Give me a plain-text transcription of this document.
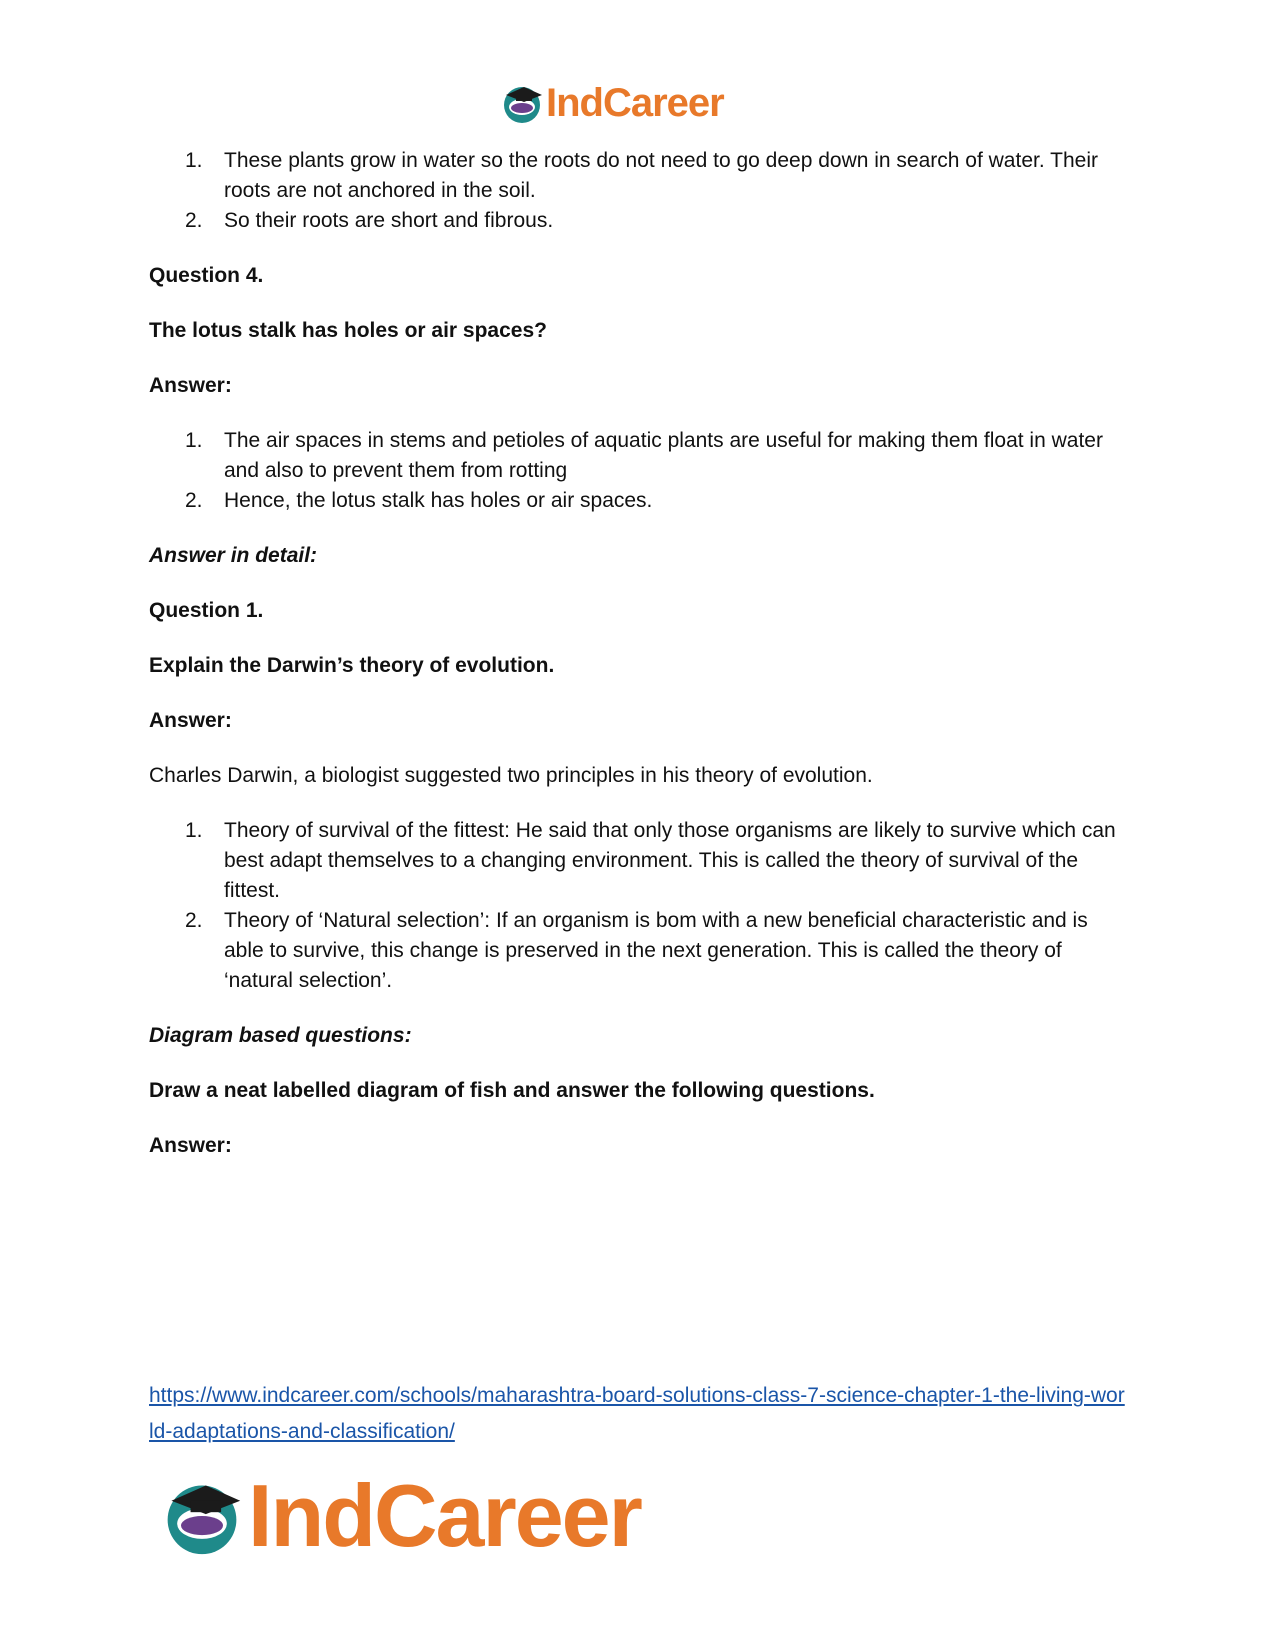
IndCareer
1. These plants grow in water so the roots do not need to go deep down in search of water. Their roots are not anchored in the soil.
2. So their roots are short and fibrous.

Question 4.

The lotus stalk has holes or air spaces?

Answer:

1. The air spaces in stems and petioles of aquatic plants are useful for making them float in water and also to prevent them from rotting
2. Hence, the lotus stalk has holes or air spaces.

Answer in detail:

Question 1.

Explain the Darwin’s theory of evolution.

Answer:

Charles Darwin, a biologist suggested two principles in his theory of evolution.

1. Theory of survival of the fittest: He said that only those organisms are likely to survive which can best adapt themselves to a changing environment. This is called the theory of survival of the fittest.
2. Theory of ‘Natural selection’: If an organism is bom with a new beneficial characteristic and is able to survive, this change is preserved in the next generation. This is called the theory of ‘natural selection’.

Diagram based questions:

Draw a neat labelled diagram of fish and answer the following questions.

Answer:

https://www.indcareer.com/schools/maharashtra-board-solutions-class-7-science-chapter-1-the-living-world-adaptations-and-classification/
IndCareer
